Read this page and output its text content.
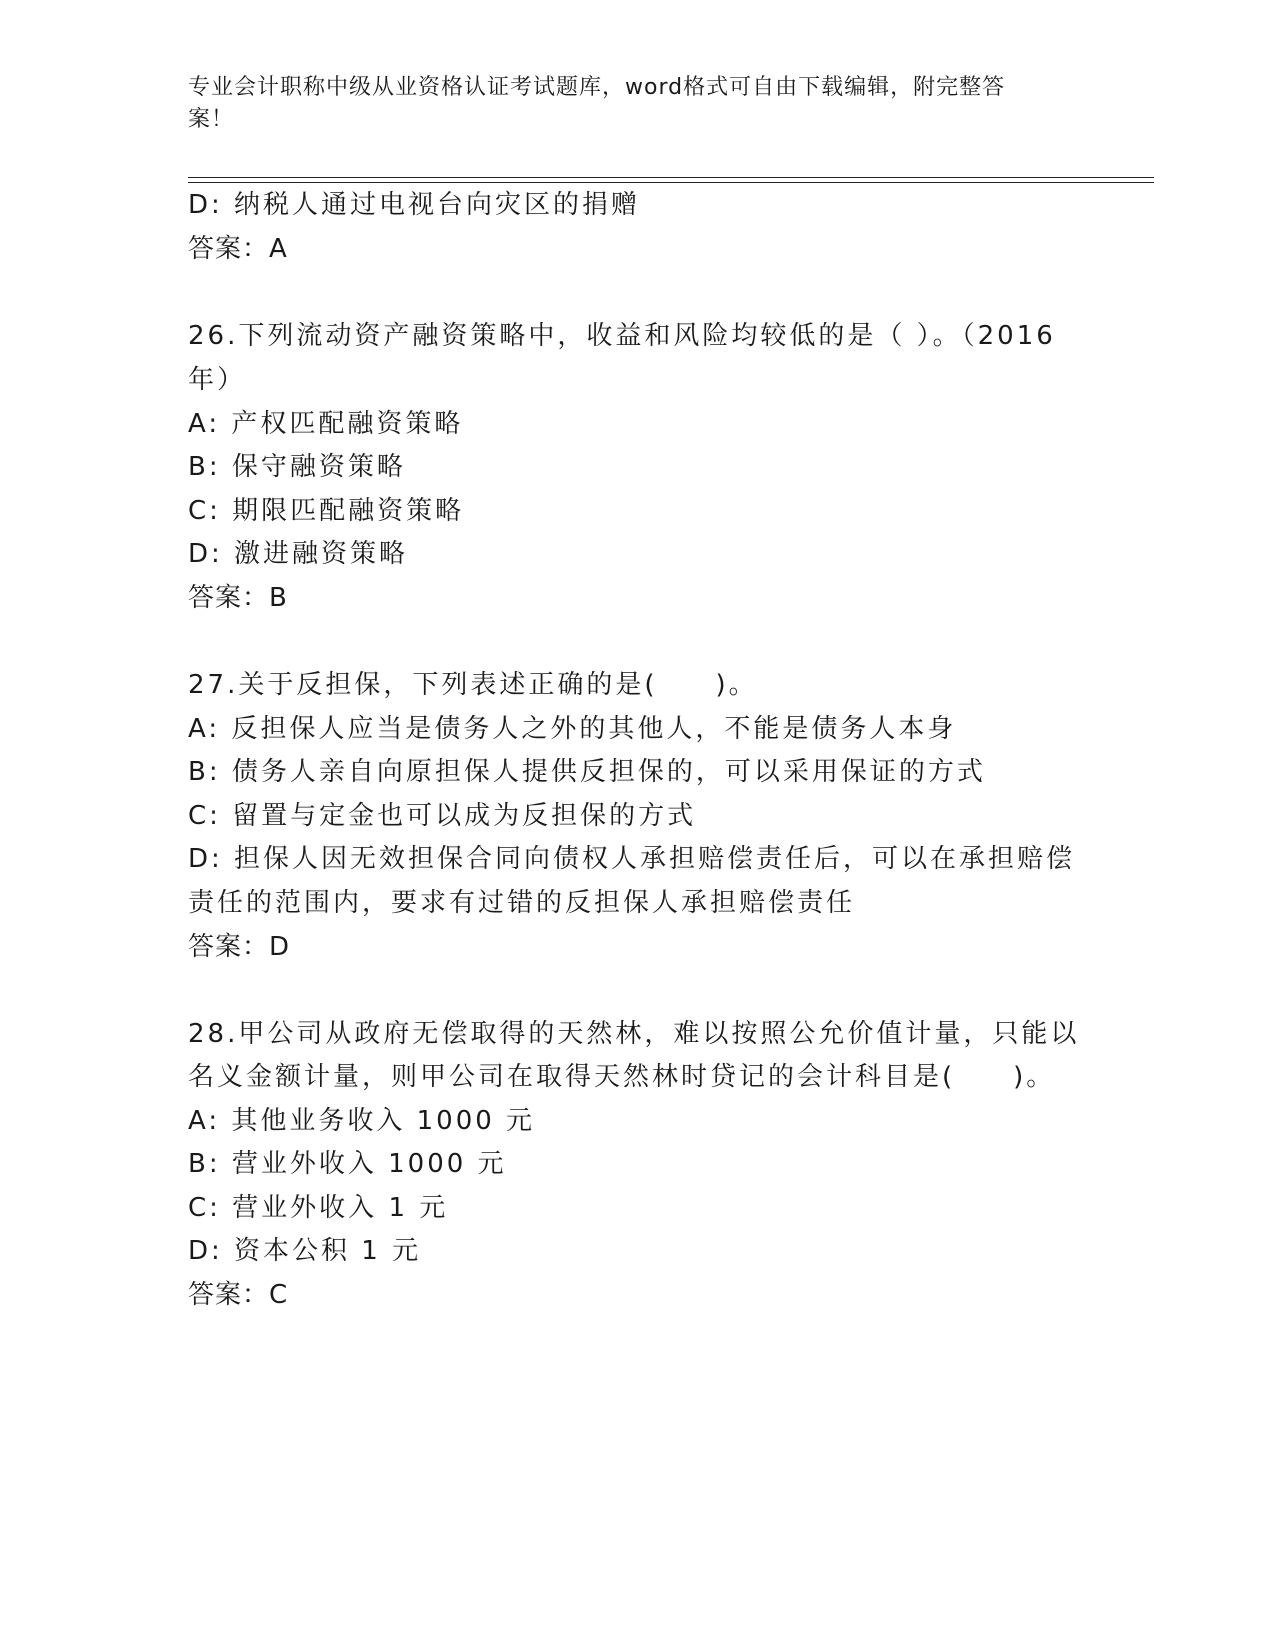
专业会计职称中级从业资格认证考试题库，word格式可自由下载编辑，附完整答
案！
D: 纳税人通过电视台向灾区的捐赠
答案：A
26.下列流动资产融资策略中，收益和风险均较低的是（ ）。（2016
年）
A: 产权匹配融资策略
B: 保守融资策略
C: 期限匹配融资策略
D: 激进融资策略
答案：B
27.关于反担保，下列表述正确的是(　　)。
A: 反担保人应当是债务人之外的其他人，不能是债务人本身
B: 债务人亲自向原担保人提供反担保的，可以采用保证的方式
C: 留置与定金也可以成为反担保的方式
D: 担保人因无效担保合同向债权人承担赔偿责任后，可以在承担赔偿
责任的范围内，要求有过错的反担保人承担赔偿责任
答案：D
28.甲公司从政府无偿取得的天然林，难以按照公允价值计量，只能以
名义金额计量，则甲公司在取得天然林时贷记的会计科目是(　　)。
A: 其他业务收入 1000 元
B: 营业外收入 1000 元
C: 营业外收入 1 元
D: 资本公积 1 元
答案：C
